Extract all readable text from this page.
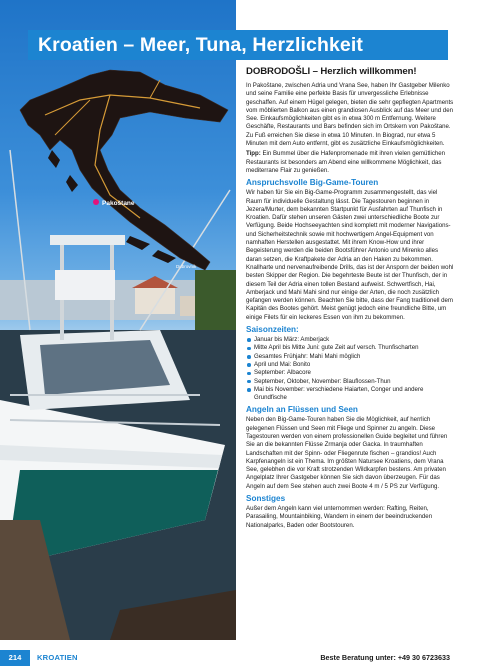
Pakoštane
Dubrovnik
Kroatien – Meer, Tuna, Herzlichkeit
DOBRODOŠLI – Herzlich willkommen!

In Pakoštane, zwischen Adria und Vrana See, haben Ihr Gastgeber Milenko und seine Familie eine perfekte Basis für unvergessliche Erlebnisse geschaffen. Auf einem Hügel gelegen, bieten die sehr gepflegten Apartments vom möblierten Balkon aus einen grandiosen Ausblick auf das Meer und den See. Einkaufsmöglichkeiten gibt es in etwa 300 m Entfernung. Weitere Geschäfte, Restaurants und Bars befinden sich im Ortskern von Pakoštane. Zu Fuß erreichen Sie diese in etwa 10 Minuten. In Biograd, nur etwa 5 Minuten mit dem Auto entfernt, gibt es zusätzliche Einkaufsmöglichkeiten.

Tipp: Ein Bummel über die Hafenpromenade mit ihren vielen gemütlichen Restaurants ist besonders am Abend eine willkommene Möglichkeit, das mediterrane Flair zu genießen.

Anspruchsvolle Big-Game-Touren

Wir haben für Sie ein Big-Game-Programm zusammengestellt, das viel Raum für individuelle Gestaltung lässt. Die Tagestouren beginnen in Jezera/Murter, dem bekannten Startpunkt für Ausfahrten auf Thunfisch in Kroatien. Dafür stehen unseren Gästen zwei unterschiedliche Boote zur Verfügung. Beide Hochseeyachten sind komplett mit moderner Navigations- und Sicherheitstechnik sowie mit hochwertigem Angel-Equipment von namhaften Herstellen ausgestattet. Mit ihrem Know-How und ihrer Begeisterung werden die beiden Bootsführer Antonio und Mirenko alles daran setzen, die Kraftpakete der Adria an den Haken zu bekommen. Knallharte und nervenaufreibende Drills, das ist der Ansporn der beiden wohl besten Skipper der Region. Die begehrteste Beute ist der Thunfisch, der in diesem Teil der Adria einen tollen Bestand aufweist. Schwertfisch, Hai, Amberjack und Mahi Mahi sind nur einige der Arten, die noch zusätzlich gefangen werden können. Beachten Sie bitte, dass der Fang traditionell dem Kapitän des Bootes gehört. Meist genügt jedoch eine freundliche Bitte, um einige Filets für ein leckeres Essen von ihm zu bekommen.

Saisonzeiten:
Januar bis März: Amberjack
Mitte April bis Mitte Juni: gute Zeit auf versch. Thunfischarten
Gesamtes Frühjahr: Mahi Mahi möglich
April und Mai: Bonito
September: Albacore
September, Oktober, November: Blauflossen-Thun
Mai bis November: verschiedene Haiarten, Conger und andere Grundfische
Angeln an Flüssen und Seen

Neben den Big-Game-Touren haben Sie die Möglichkeit, auf herrlich gelegenen Flüssen und Seen mit Fliege und Spinner zu angeln. Diese Tagestouren werden von einem professionellen Guide begleitet und führen Sie an die bekannten Flüsse Zrmanja oder Gacka. In traumhaften Landschaften mit der Spinn- oder Fliegenrute fischen – grandios! Auch Karpfenangeln ist ein Thema. Im größten Natursee Kroatiens, dem Vrana See, gelebhen die vor Kraft strotzenden Wildkarpfen bestens. Am privaten Angelplatz Ihrer Gastgeber können Sie sich davon überzeugen. Für das Angeln auf dem See stehen auch zwei Boote 4 m / 5 PS zur Verfügung.

Sonstiges

Außer dem Angeln kann viel unternommen werden: Rafting, Reiten, Parasailing, Mountainbiking, Wandern in einem der beeindruckenden Nationalparks, Baden oder Bootstouren.

214	KROATIEN	Beste Beratung unter: +49 30 6723633
